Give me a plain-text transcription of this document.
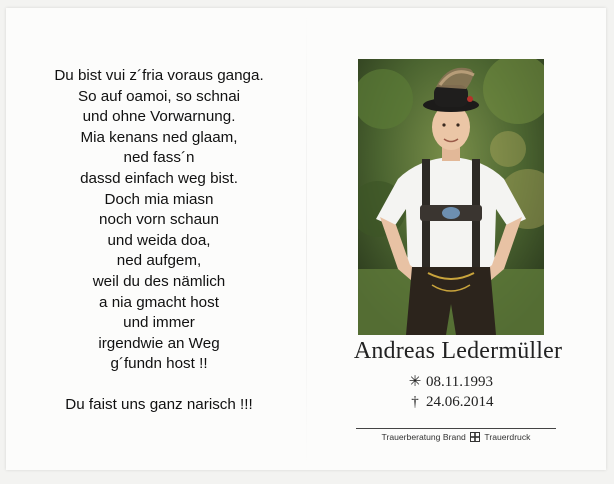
Du bist vui z´fria voraus ganga.
So auf oamoi, so schnai
und ohne Vorwarnung.
Mia kenans ned glaam,
ned fass´n
dassd einfach weg bist.
Doch mia miasn
noch vorn schaun
und weida doa,
ned aufgem,
weil du des nämlich
a nia gmacht host
und immer
irgendwie an Weg
g´fundn host !!
Du faist uns ganz narisch !!!
Andreas Ledermüller
✳ 08.11.1993
† 24.06.2014
Trauerberatung Brand Trauerdruck
